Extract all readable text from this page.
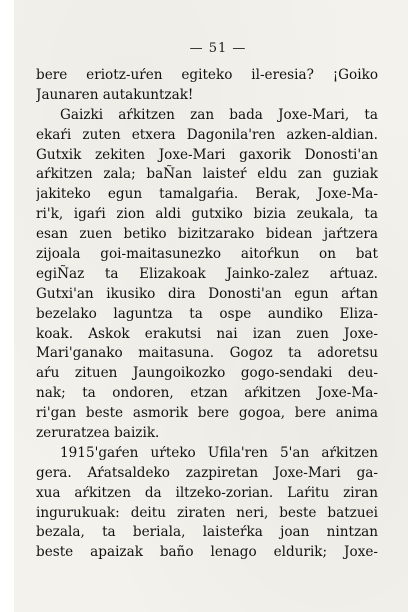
— 51 —
bere eriotz-uŕen egiteko il-eresia? ¡Goiko
Jaunaren autakuntzak!
Gaizki aŕkitzen zan bada Joxe-Mari, ta
ekaŕi zuten etxera Dagonila'ren azken-aldian.
Gutxik zekiten Joxe-Mari gaxorik Donosti'an
aŕkitzen zala; baÑan laisteŕ eldu zan guziak
jakiteko egun tamalgaŕia. Berak, Joxe-Ma-
ri'k, igaŕi zion aldi gutxiko bizia zeukala, ta
esan zuen betiko bizitzarako bidean jaŕtzera
zijoala goi-maitasunezko aitoŕkun on bat
egiÑaz ta Elizakoak Jainko-zalez aŕtuaz.
Gutxi'an ikusiko dira Donosti'an egun aŕtan
bezelako laguntza ta ospe aundiko Eliza-
koak. Askok erakutsi nai izan zuen Joxe-
Mari'ganako maitasuna. Gogoz ta adoretsu
aŕu zituen Jaungoikozko gogo-sendaki deu-
nak; ta ondoren, etzan aŕkitzen Joxe-Ma-
ri'gan beste asmorik bere gogoa, bere anima
zeruratzea baizik.
1915'gaŕen uŕteko Ufila'ren 5'an aŕkitzen
gera. Aŕatsaldeko zazpiretan Joxe-Mari ga-
xua aŕkitzen da iltzeko-zorian. Laŕitu ziran
ingurukuak: deitu ziraten neri, beste batzuei
bezala, ta beriala, laisteŕka joan nintzan
beste apaizak baño lenago eldurik; Joxe-
